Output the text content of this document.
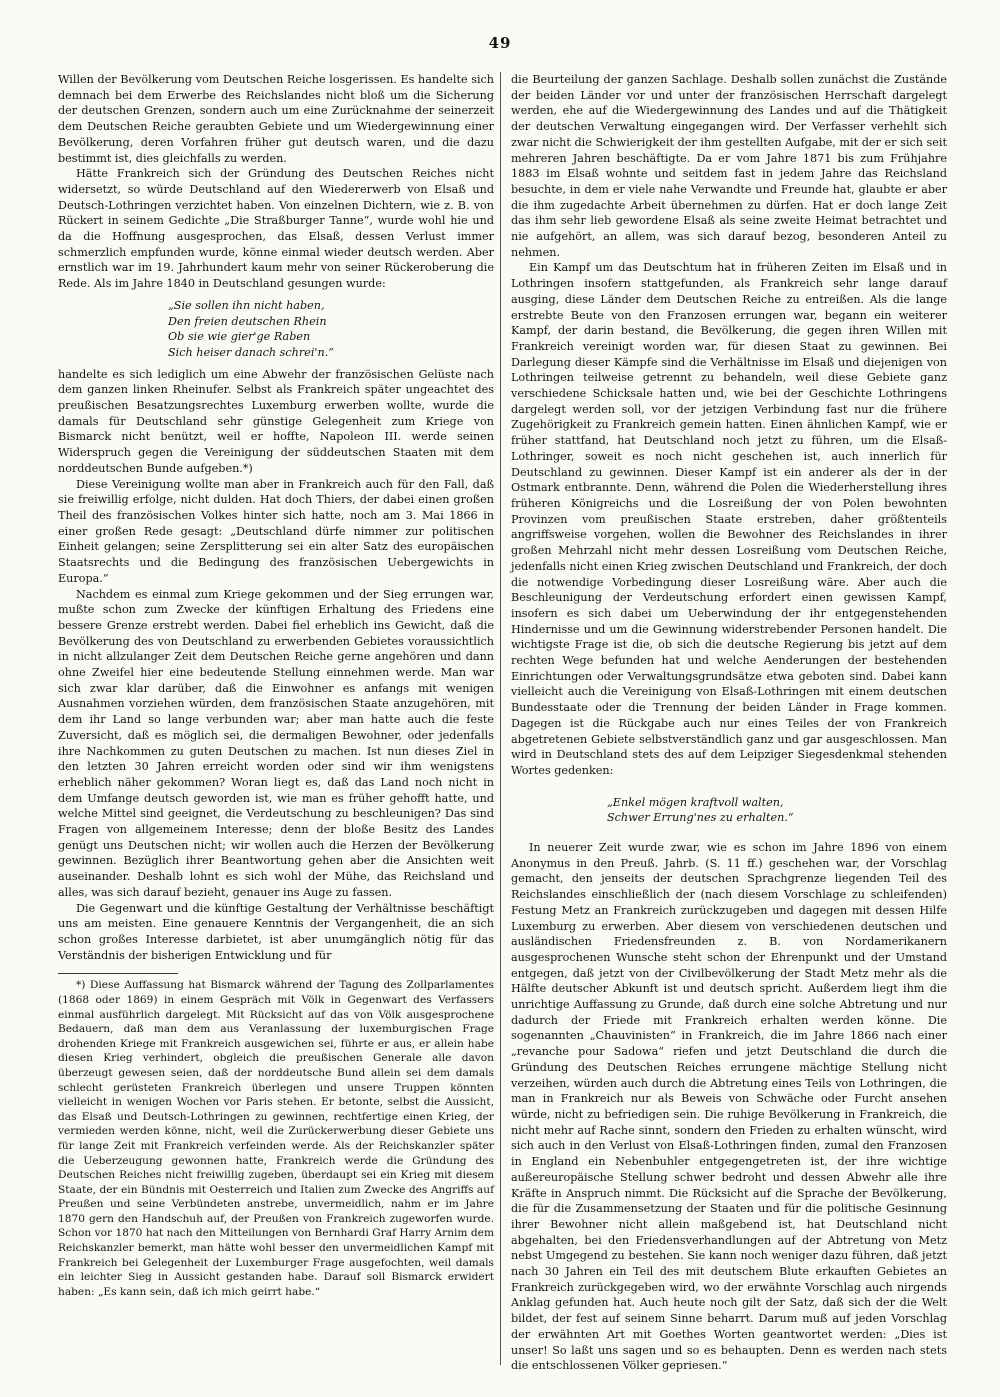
49

Willen der Bevölkerung vom Deutschen Reiche losgerissen. Es handelte sich demnach bei dem Erwerbe des Reichslandes nicht bloß um die Sicherung der deutschen Grenzen, sondern auch um eine Zurücknahme der seinerzeit dem Deutschen Reiche geraubten Gebiete und um Wiedergewinnung einer Bevölkerung, deren Vorfahren früher gut deutsch waren, und die dazu bestimmt ist, dies gleichfalls zu werden.

Hätte Frankreich sich der Gründung des Deutschen Reiches nicht widersetzt, so würde Deutschland auf den Wiedererwerb von Elsaß und Deutsch-Lothringen verzichtet haben. Von einzelnen Dichtern, wie z. B. von Rückert in seinem Gedichte „Die Straßburger Tanne“, wurde wohl hie und da die Hoffnung ausgesprochen, das Elsaß, dessen Verlust immer schmerzlich empfunden wurde, könne einmal wieder deutsch werden. Aber ernstlich war im 19. Jahrhundert kaum mehr von seiner Rückeroberung die Rede. Als im Jahre 1840 in Deutschland gesungen wurde:

„Sie sollen ihn nicht haben,
Den freien deutschen Rhein
Ob sie wie gier'ge Raben
Sich heiser danach schrei'n.“

handelte es sich lediglich um eine Abwehr der französischen Gelüste nach dem ganzen linken Rheinufer. Selbst als Frankreich später ungeachtet des preußischen Besatzungsrechtes Luxemburg erwerben wollte, wurde die damals für Deutschland sehr günstige Gelegenheit zum Kriege von Bismarck nicht benützt, weil er hoffte, Napoleon III. werde seinen Widerspruch gegen die Vereinigung der süddeutschen Staaten mit dem norddeutschen Bunde aufgeben.*)

Diese Vereinigung wollte man aber in Frankreich auch für den Fall, daß sie freiwillig erfolge, nicht dulden. Hat doch Thiers, der dabei einen großen Theil des französischen Volkes hinter sich hatte, noch am 3. Mai 1866 in einer großen Rede gesagt: „Deutschland dürfe nimmer zur politischen Einheit gelangen; seine Zersplitterung sei ein alter Satz des europäischen Staatsrechts und die Bedingung des französischen Uebergewichts in Europa.“

Nachdem es einmal zum Kriege gekommen und der Sieg errungen war, mußte schon zum Zwecke der künftigen Erhaltung des Friedens eine bessere Grenze erstrebt werden. Dabei fiel erheblich ins Gewicht, daß die Bevölkerung des von Deutschland zu erwerbenden Gebietes voraussichtlich in nicht allzulanger Zeit dem Deutschen Reiche gerne angehören und dann ohne Zweifel hier eine bedeutende Stellung einnehmen werde. Man war sich zwar klar darüber, daß die Einwohner es anfangs mit wenigen Ausnahmen vorziehen würden, dem französischen Staate anzugehören, mit dem ihr Land so lange verbunden war; aber man hatte auch die feste Zuversicht, daß es möglich sei, die dermaligen Bewohner, oder jedenfalls ihre Nachkommen zu guten Deutschen zu machen. Ist nun dieses Ziel in den letzten 30 Jahren erreicht worden oder sind wir ihm wenigstens erheblich näher gekommen? Woran liegt es, daß das Land noch nicht in dem Umfange deutsch geworden ist, wie man es früher gehofft hatte, und welche Mittel sind geeignet, die Verdeutschung zu beschleunigen? Das sind Fragen von allgemeinem Interesse; denn der bloße Besitz des Landes genügt uns Deutschen nicht; wir wollen auch die Herzen der Bevölkerung gewinnen. Bezüglich ihrer Beantwortung gehen aber die Ansichten weit auseinander. Deshalb lohnt es sich wohl der Mühe, das Reichsland und alles, was sich darauf bezieht, genauer ins Auge zu fassen.

Die Gegenwart und die künftige Gestaltung der Verhältnisse beschäftigt uns am meisten. Eine genauere Kenntnis der Vergangenheit, die an sich schon großes Interesse darbietet, ist aber unumgänglich nötig für das Verständnis der bisherigen Entwicklung und für

*) Diese Auffassung hat Bismarck während der Tagung des Zollparlamentes (1868 oder 1869) in einem Gespräch mit Völk in Gegenwart des Verfassers einmal ausführlich dargelegt. Mit Rücksicht auf das von Völk ausgesprochene Bedauern, daß man dem aus Veranlassung der luxemburgischen Frage drohenden Kriege mit Frankreich ausgewichen sei, führte er aus, er allein habe diesen Krieg verhindert, obgleich die preußischen Generale alle davon überzeugt gewesen seien, daß der norddeutsche Bund allein sei dem damals schlecht gerüsteten Frankreich überlegen und unsere Truppen könnten vielleicht in wenigen Wochen vor Paris stehen. Er betonte, selbst die Aussicht, das Elsaß und Deutsch-Lothringen zu gewinnen, rechtfertige einen Krieg, der vermieden werden könne, nicht, weil die Zurückerwerbung dieser Gebiete uns für lange Zeit mit Frankreich verfeinden werde. Als der Reichskanzler später die Ueberzeugung gewonnen hatte, Frankreich werde die Gründung des Deutschen Reiches nicht freiwillig zugeben, überdaupt sei ein Krieg mit diesem Staate, der ein Bündnis mit Oesterreich und Italien zum Zwecke des Angriffs auf Preußen und seine Verbündeten anstrebe, unvermeidlich, nahm er im Jahre 1870 gern den Handschuh auf, der Preußen von Frankreich zugeworfen wurde. Schon vor 1870 hat nach den Mitteilungen von Bernhardi Graf Harry Arnim dem Reichskanzler bemerkt, man hätte wohl besser den unvermeidlichen Kampf mit Frankreich bei Gelegenheit der Luxemburger Frage ausgefochten, weil damals ein leichter Sieg in Aussicht gestanden habe. Darauf soll Bismarck erwidert haben: „Es kann sein, daß ich mich geirrt habe.“

die Beurteilung der ganzen Sachlage. Deshalb sollen zunächst die Zustände der beiden Länder vor und unter der französischen Herrschaft dargelegt werden, ehe auf die Wiedergewinnung des Landes und auf die Thätigkeit der deutschen Verwaltung eingegangen wird. Der Verfasser verhehlt sich zwar nicht die Schwierigkeit der ihm gestellten Aufgabe, mit der er sich seit mehreren Jahren beschäftigte. Da er vom Jahre 1871 bis zum Frühjahre 1883 im Elsaß wohnte und seitdem fast in jedem Jahre das Reichsland besuchte, in dem er viele nahe Verwandte und Freunde hat, glaubte er aber die ihm zugedachte Arbeit übernehmen zu dürfen. Hat er doch lange Zeit das ihm sehr lieb gewordene Elsaß als seine zweite Heimat betrachtet und nie aufgehört, an allem, was sich darauf bezog, besonderen Anteil zu nehmen.

Ein Kampf um das Deutschtum hat in früheren Zeiten im Elsaß und in Lothringen insofern stattgefunden, als Frankreich sehr lange darauf ausging, diese Länder dem Deutschen Reiche zu entreißen. Als die lange erstrebte Beute von den Franzosen errungen war, begann ein weiterer Kampf, der darin bestand, die Bevölkerung, die gegen ihren Willen mit Frankreich vereinigt worden war, für diesen Staat zu gewinnen. Bei Darlegung dieser Kämpfe sind die Verhältnisse im Elsaß und diejenigen von Lothringen teilweise getrennt zu behandeln, weil diese Gebiete ganz verschiedene Schicksale hatten und, wie bei der Geschichte Lothringens dargelegt werden soll, vor der jetzigen Verbindung fast nur die frühere Zugehörigkeit zu Frankreich gemein hatten. Einen ähnlichen Kampf, wie er früher stattfand, hat Deutschland noch jetzt zu führen, um die Elsaß-Lothringer, soweit es noch nicht geschehen ist, auch innerlich für Deutschland zu gewinnen. Dieser Kampf ist ein anderer als der in der Ostmark entbrannte. Denn, während die Polen die Wiederherstellung ihres früheren Königreichs und die Losreißung der von Polen bewohnten Provinzen vom preußischen Staate erstreben, daher größtenteils angriffsweise vorgehen, wollen die Bewohner des Reichslandes in ihrer großen Mehrzahl nicht mehr dessen Losreißung vom Deutschen Reiche, jedenfalls nicht einen Krieg zwischen Deutschland und Frankreich, der doch die notwendige Vorbedingung dieser Losreißung wäre. Aber auch die Beschleunigung der Verdeutschung erfordert einen gewissen Kampf, insofern es sich dabei um Ueberwindung der ihr entgegenstehenden Hindernisse und um die Gewinnung widerstrebender Personen handelt. Die wichtigste Frage ist die, ob sich die deutsche Regierung bis jetzt auf dem rechten Wege befunden hat und welche Aenderungen der bestehenden Einrichtungen oder Verwaltungsgrundsätze etwa geboten sind. Dabei kann vielleicht auch die Vereinigung von Elsaß-Lothringen mit einem deutschen Bundesstaate oder die Trennung der beiden Länder in Frage kommen. Dagegen ist die Rückgabe auch nur eines Teiles der von Frankreich abgetretenen Gebiete selbstverständlich ganz und gar ausgeschlossen. Man wird in Deutschland stets des auf dem Leipziger Siegesdenkmal stehenden Wortes gedenken:

„Enkel mögen kraftvoll walten,
Schwer Errung'nes zu erhalten.“

In neuerer Zeit wurde zwar, wie es schon im Jahre 1896 von einem Anonymus in den Preuß. Jahrb. (S. 11 ff.) geschehen war, der Vorschlag gemacht, den jenseits der deutschen Sprachgrenze liegenden Teil des Reichslandes einschließlich der (nach diesem Vorschlage zu schleifenden) Festung Metz an Frankreich zurückzugeben und dagegen mit dessen Hilfe Luxemburg zu erwerben. Aber diesem von verschiedenen deutschen und ausländischen Friedensfreunden z. B. von Nordamerikanern ausgesprochenen Wunsche steht schon der Ehrenpunkt und der Umstand entgegen, daß jetzt von der Civilbevölkerung der Stadt Metz mehr als die Hälfte deutscher Abkunft ist und deutsch spricht. Außerdem liegt ihm die unrichtige Auffassung zu Grunde, daß durch eine solche Abtretung und nur dadurch der Friede mit Frankreich erhalten werden könne. Die sogenannten „Chauvinisten“ in Frankreich, die im Jahre 1866 nach einer „revanche pour Sadowa“ riefen und jetzt Deutschland die durch die Gründung des Deutschen Reiches errungene mächtige Stellung nicht verzeihen, würden auch durch die Abtretung eines Teils von Lothringen, die man in Frankreich nur als Beweis von Schwäche oder Furcht ansehen würde, nicht zu befriedigen sein. Die ruhige Bevölkerung in Frankreich, die nicht mehr auf Rache sinnt, sondern den Frieden zu erhalten wünscht, wird sich auch in den Verlust von Elsaß-Lothringen finden, zumal den Franzosen in England ein Nebenbuhler entgegengetreten ist, der ihre wichtige außereuropäische Stellung schwer bedroht und dessen Abwehr alle ihre Kräfte in Anspruch nimmt. Die Rücksicht auf die Sprache der Bevölkerung, die für die Zusammensetzung der Staaten und für die politische Gesinnung ihrer Bewohner nicht allein maßgebend ist, hat Deutschland nicht abgehalten, bei den Friedensverhandlungen auf der Abtretung von Metz nebst Umgegend zu bestehen. Sie kann noch weniger dazu führen, daß jetzt nach 30 Jahren ein Teil des mit deutschem Blute erkauften Gebietes an Frankreich zurückgegeben wird, wo der erwähnte Vorschlag auch nirgends Anklag gefunden hat. Auch heute noch gilt der Satz, daß sich der die Welt bildet, der fest auf seinem Sinne beharrt. Darum muß auf jeden Vorschlag der erwähnten Art mit Goethes Worten geantwortet werden: „Dies ist unser! So laßt uns sagen und so es behaupten. Denn es werden nach stets die entschlossenen Völker gepriesen.“
